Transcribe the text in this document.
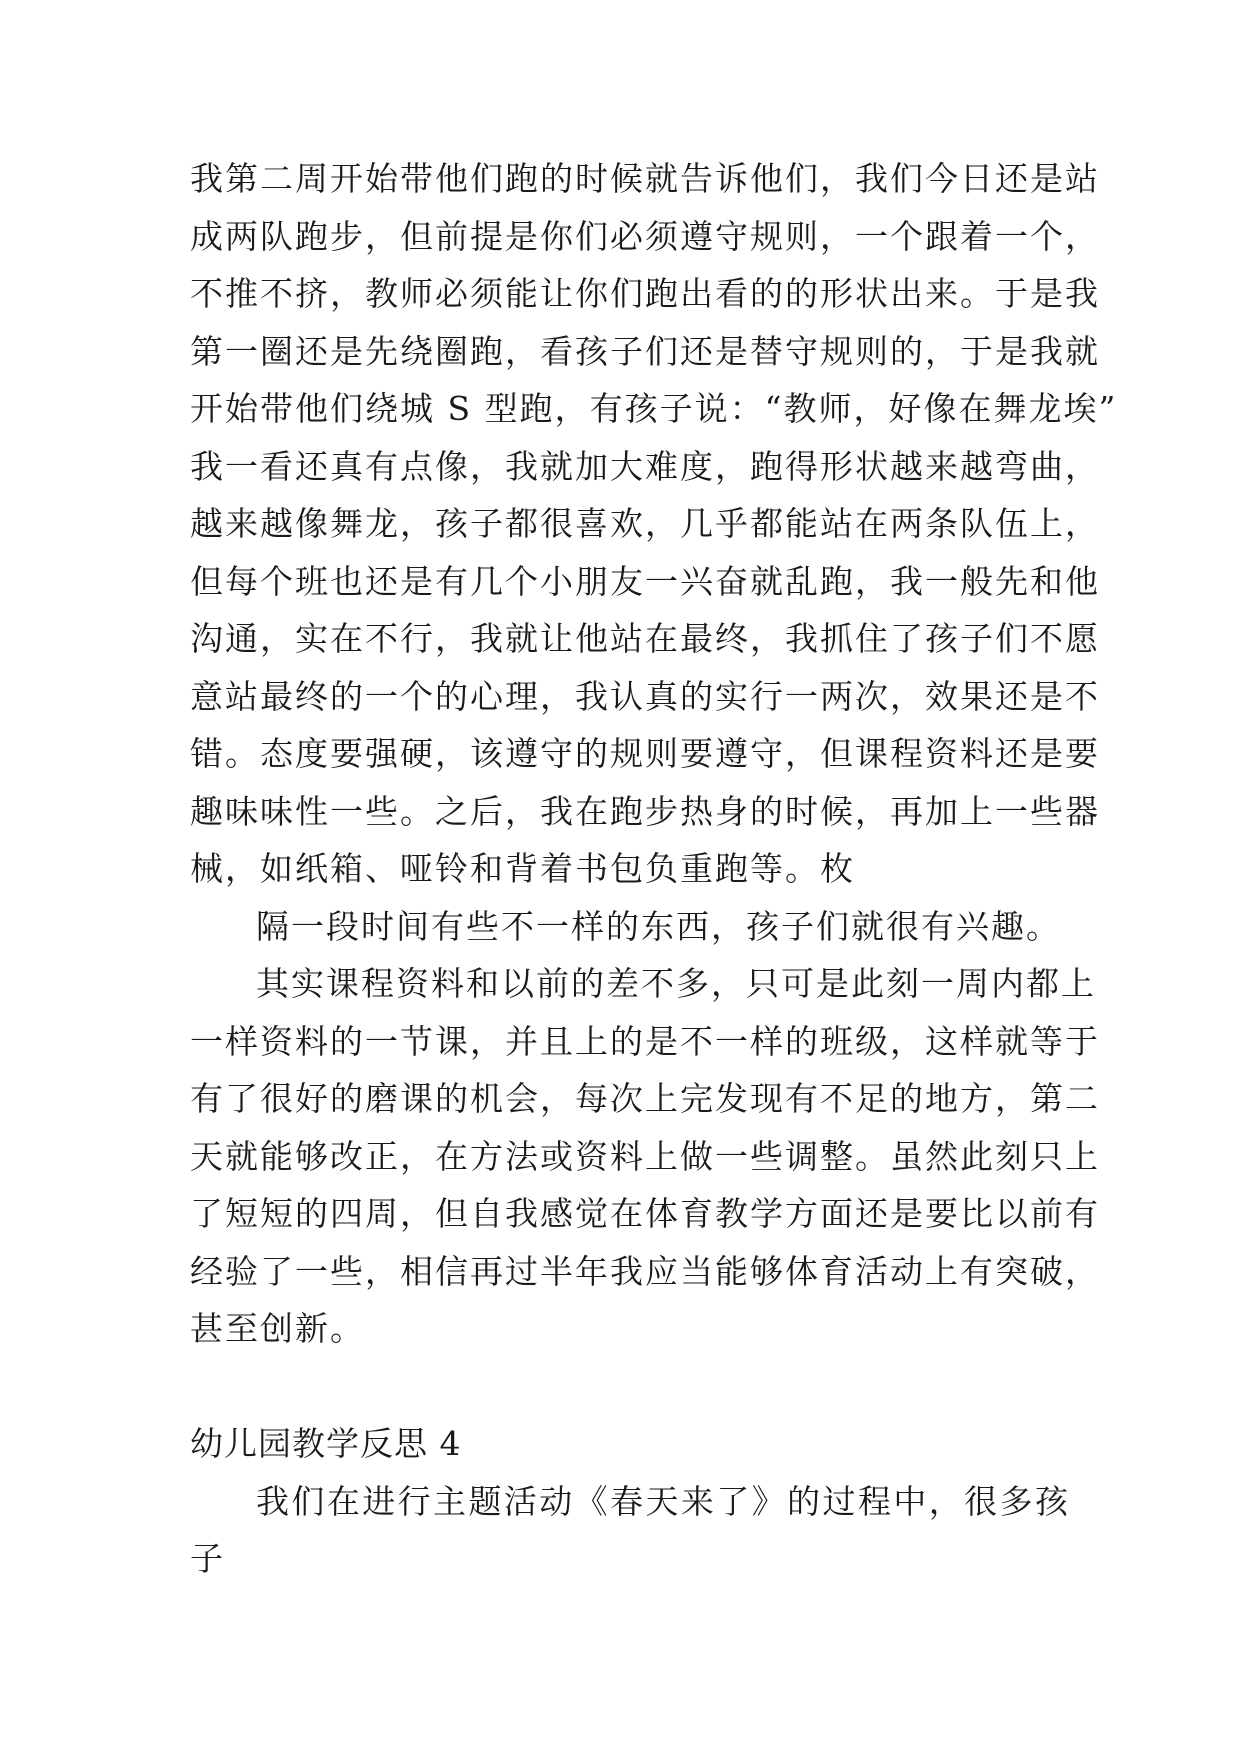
我第二周开始带他们跑的时候就告诉他们，我们今日还是站
成两队跑步，但前提是你们必须遵守规则，一个跟着一个，
不推不挤，教师必须能让你们跑出看的的形状出来。于是我
第一圈还是先绕圈跑，看孩子们还是替守规则的，于是我就
开始带他们绕城 S 型跑，有孩子说：“教师，好像在舞龙埃”
我一看还真有点像，我就加大难度，跑得形状越来越弯曲，
越来越像舞龙，孩子都很喜欢，几乎都能站在两条队伍上，
但每个班也还是有几个小朋友一兴奋就乱跑，我一般先和他
沟通，实在不行，我就让他站在最终，我抓住了孩子们不愿
意站最终的一个的心理，我认真的实行一两次，效果还是不
错。态度要强硬，该遵守的规则要遵守，但课程资料还是要
趣味味性一些。之后，我在跑步热身的时候，再加上一些器
械，如纸箱、哑铃和背着书包负重跑等。枚

隔一段时间有些不一样的东西，孩子们就很有兴趣。

其实课程资料和以前的差不多，只可是此刻一周内都上
一样资料的一节课，并且上的是不一样的班级，这样就等于
有了很好的磨课的机会，每次上完发现有不足的地方，第二
天就能够改正，在方法或资料上做一些调整。虽然此刻只上
了短短的四周，但自我感觉在体育教学方面还是要比以前有
经验了一些，相信再过半年我应当能够体育活动上有突破，
甚至创新。

幼儿园教学反思 4

我们在进行主题活动《春天来了》的过程中，很多孩子
